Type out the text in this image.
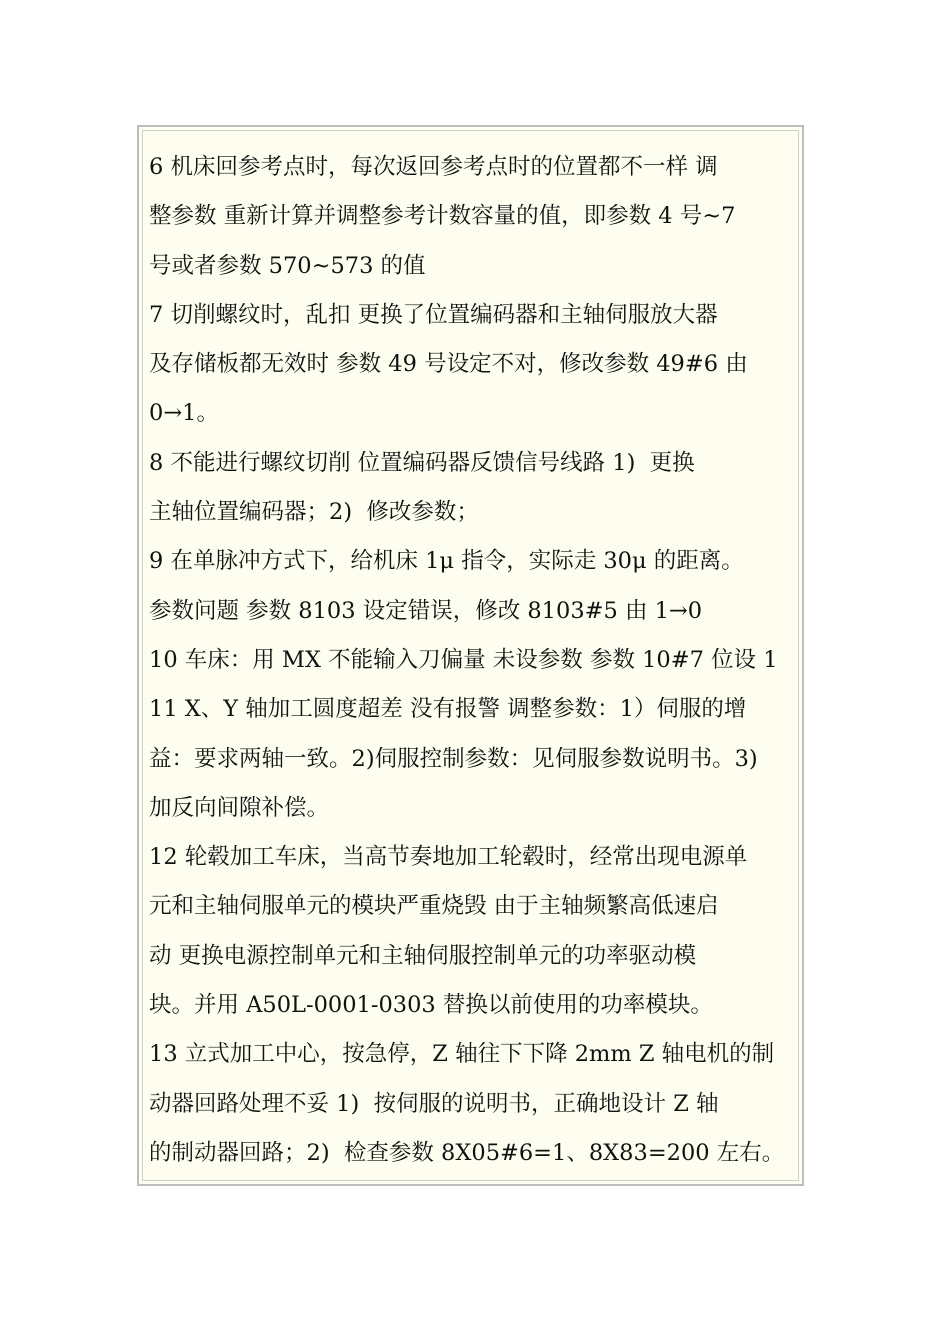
6 机床回参考点时，每次返回参考点时的位置都不一样 调
整参数 重新计算并调整参考计数容量的值，即参数 4 号~7
号或者参数 570~573 的值
7 切削螺纹时，乱扣 更换了位置编码器和主轴伺服放大器
及存储板都无效时 参数 49 号设定不对，修改参数 49#6 由
0→1。
8 不能进行螺纹切削 位置编码器反馈信号线路 1)  更换
主轴位置编码器；2)  修改参数；
9 在单脉冲方式下，给机床 1μ 指令，实际走 30μ 的距离。
参数问题 参数 8103 设定错误，修改 8103#5 由 1→0
10 车床：用 MX 不能输入刀偏量 未设参数 参数 10#7 位设 1
11 X、Y 轴加工圆度超差 没有报警 调整参数：1）伺服的增
益：要求两轴一致。2)伺服控制参数：见伺服参数说明书。3)
加反向间隙补偿。
12 轮毂加工车床，当高节奏地加工轮毂时，经常出现电源单
元和主轴伺服单元的模块严重烧毁 由于主轴频繁高低速启
动 更换电源控制单元和主轴伺服控制单元的功率驱动模
块。并用 A50L-0001-0303 替换以前使用的功率模块。
13 立式加工中心，按急停，Z 轴往下下降 2mm Z 轴电机的制
动器回路处理不妥 1)  按伺服的说明书，正确地设计 Z 轴
的制动器回路；2)  检查参数 8X05#6=1、8X83=200 左右。
